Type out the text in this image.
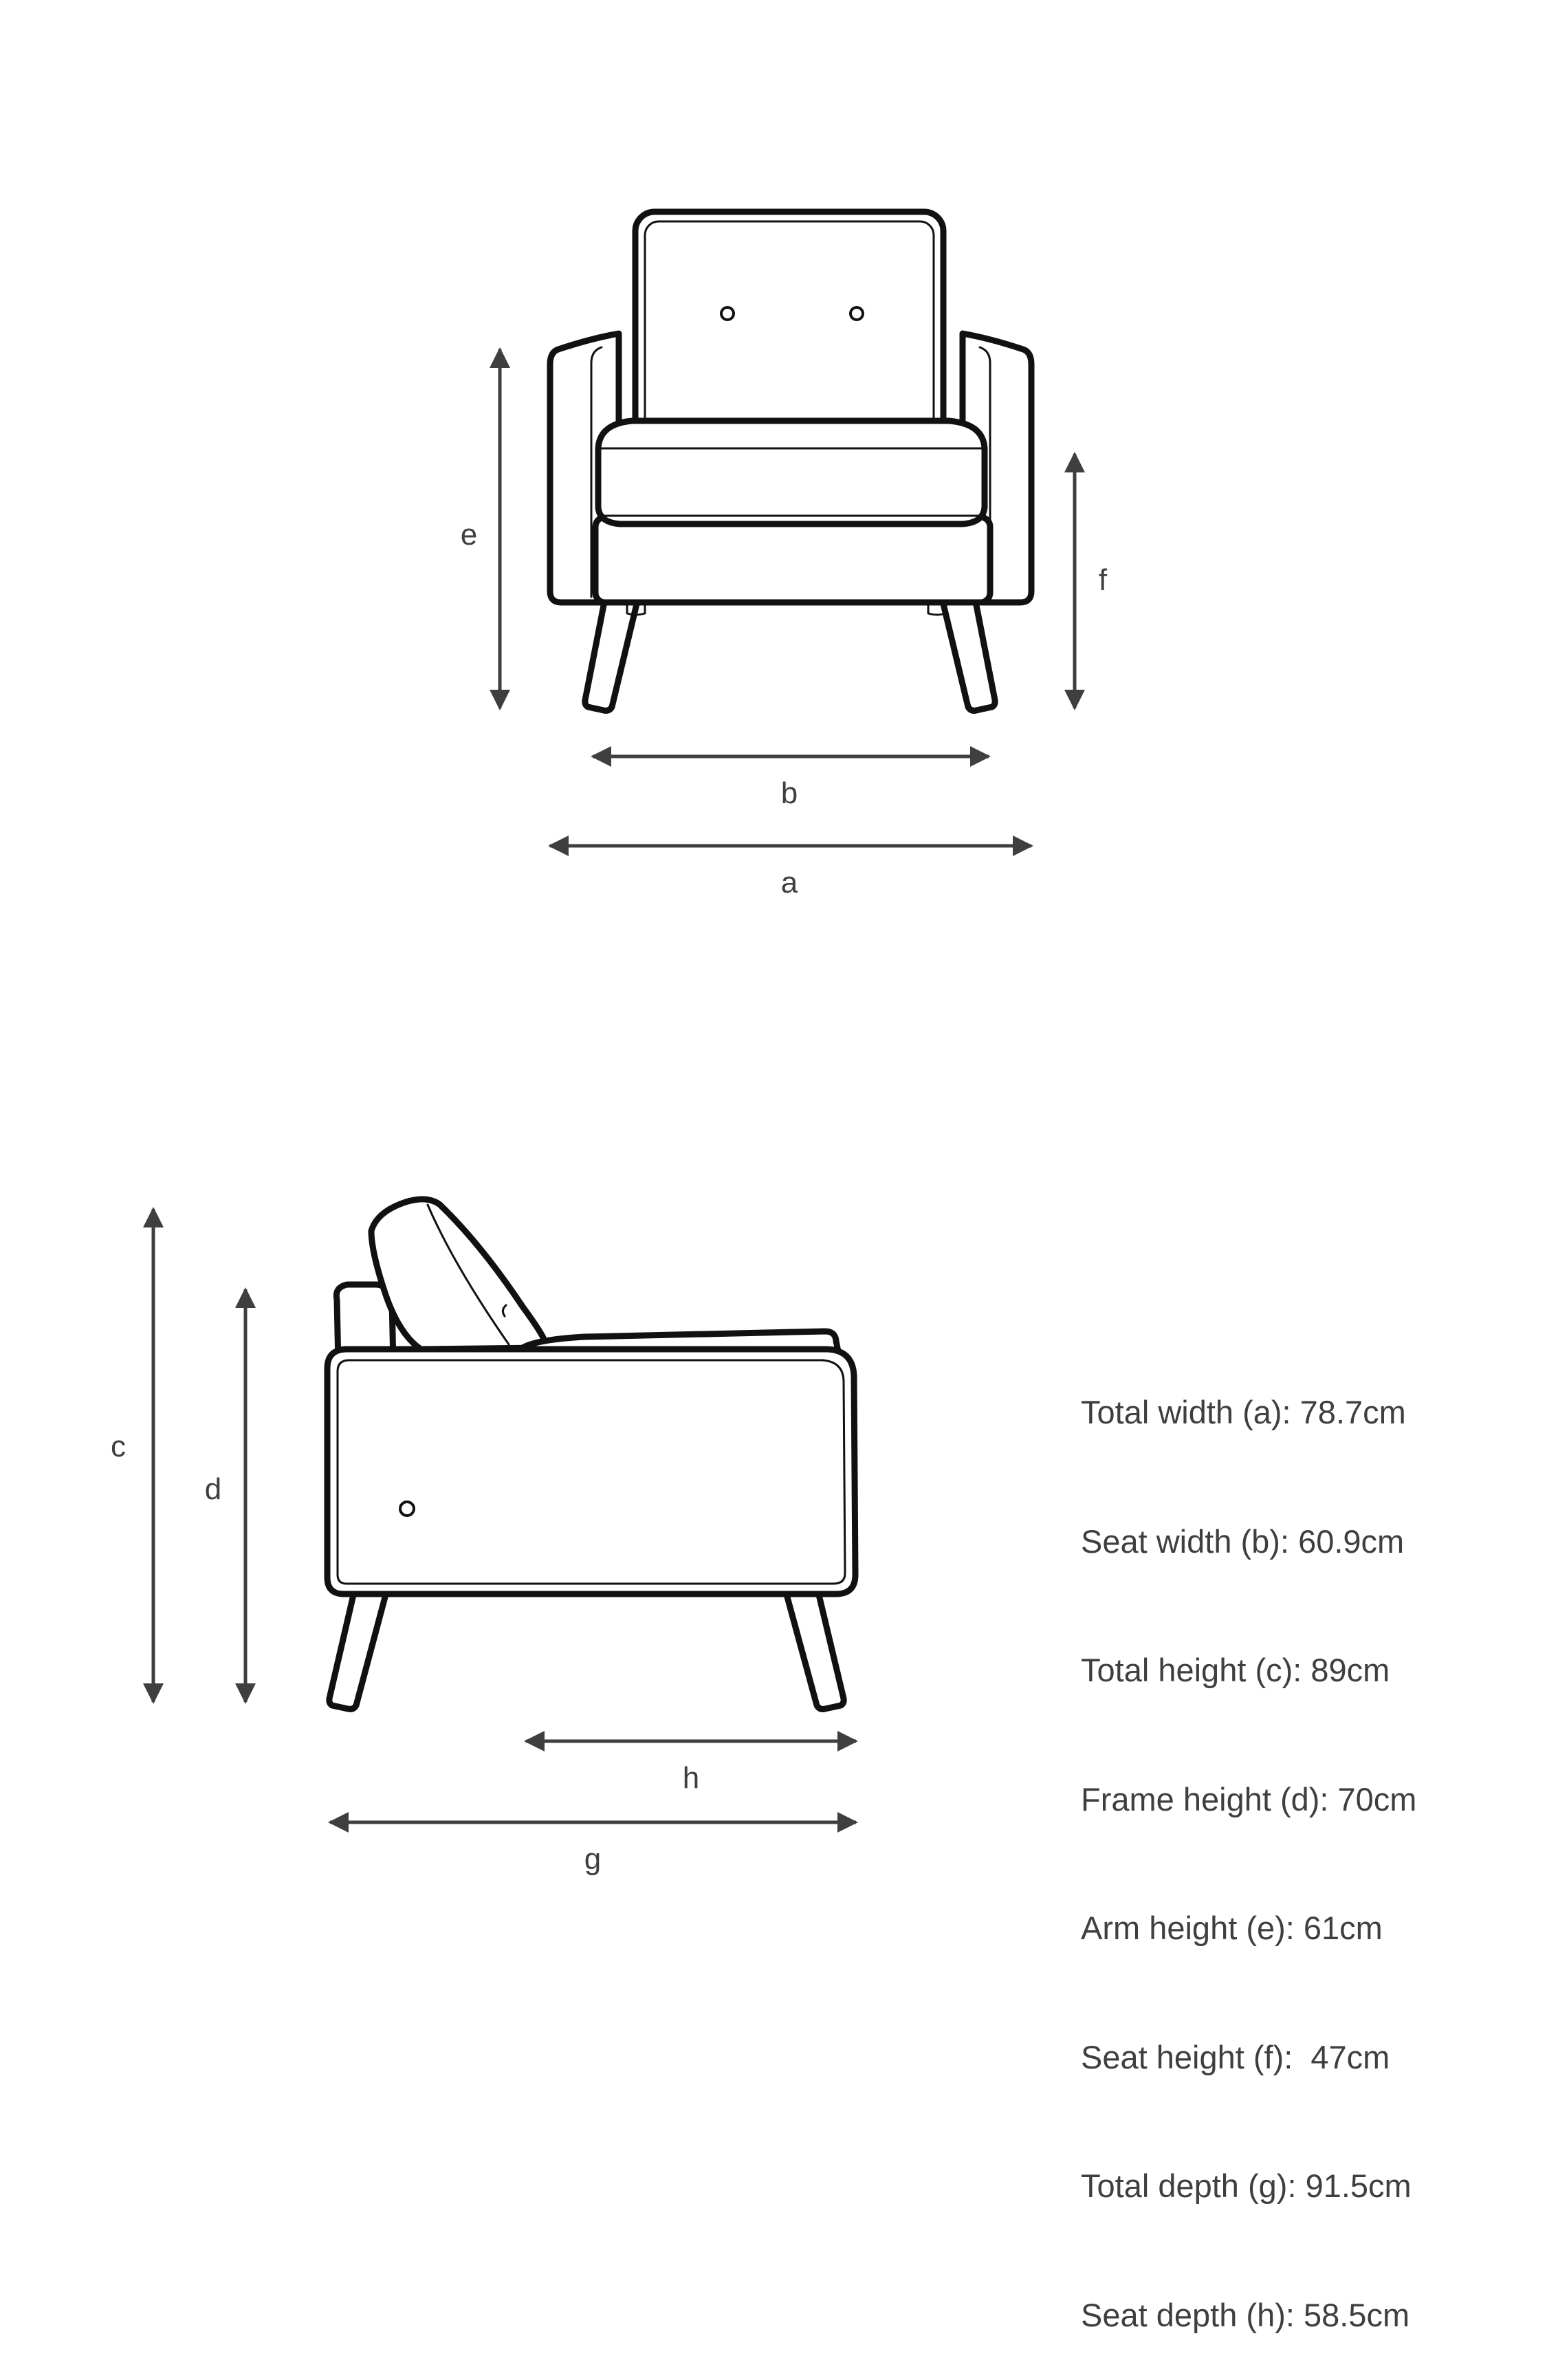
e
f
b
a
c
d
h
g

Total width (a): 78.7cm

Seat width (b): 60.9cm

Total height (c): 89cm

Frame height (d): 70cm

Arm height (e): 61cm

Seat height (f):  47cm

Total depth (g): 91.5cm

Seat depth (h): 58.5cm
